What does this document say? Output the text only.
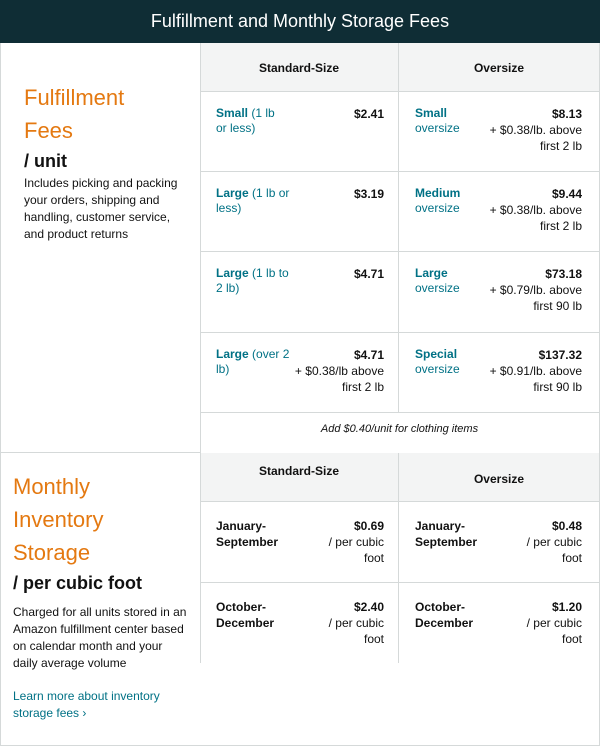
Fulfillment and Monthly Storage Fees
Fulfillment
Fees
/ unit
Includes picking and packing your orders, shipping and handling, customer service, and product returns
Standard-Size	Oversize
Small (1 lb or less)
$2.41
Large (1 lb or less)
$3.19
Large (1 lb to 2 lb)
$4.71
Large (over 2 lb)
$4.71
+ $0.38/lb above first 2 lb
Small
oversize
$8.13
+ $0.38/lb. above first 2 lb
Medium
oversize
$9.44
+ $0.38/lb. above first 2 lb
Large
oversize
$73.18
+ $0.79/lb. above first 90 lb
Special
oversize
$137.32
+ $0.91/lb. above first 90 lb
Add $0.40/unit for clothing items
Monthly
Inventory
Storage
/ per cubic foot
Charged for all units stored in an Amazon fulfillment center based on calendar month and your daily average volume
Learn more about inventory storage fees ›
Standard-Size
Oversize
January-September
$0.69
/ per cubic foot
October-December
$2.40
/ per cubic foot
January-September
$0.48
/ per cubic foot
October-December
$1.20
/ per cubic foot
